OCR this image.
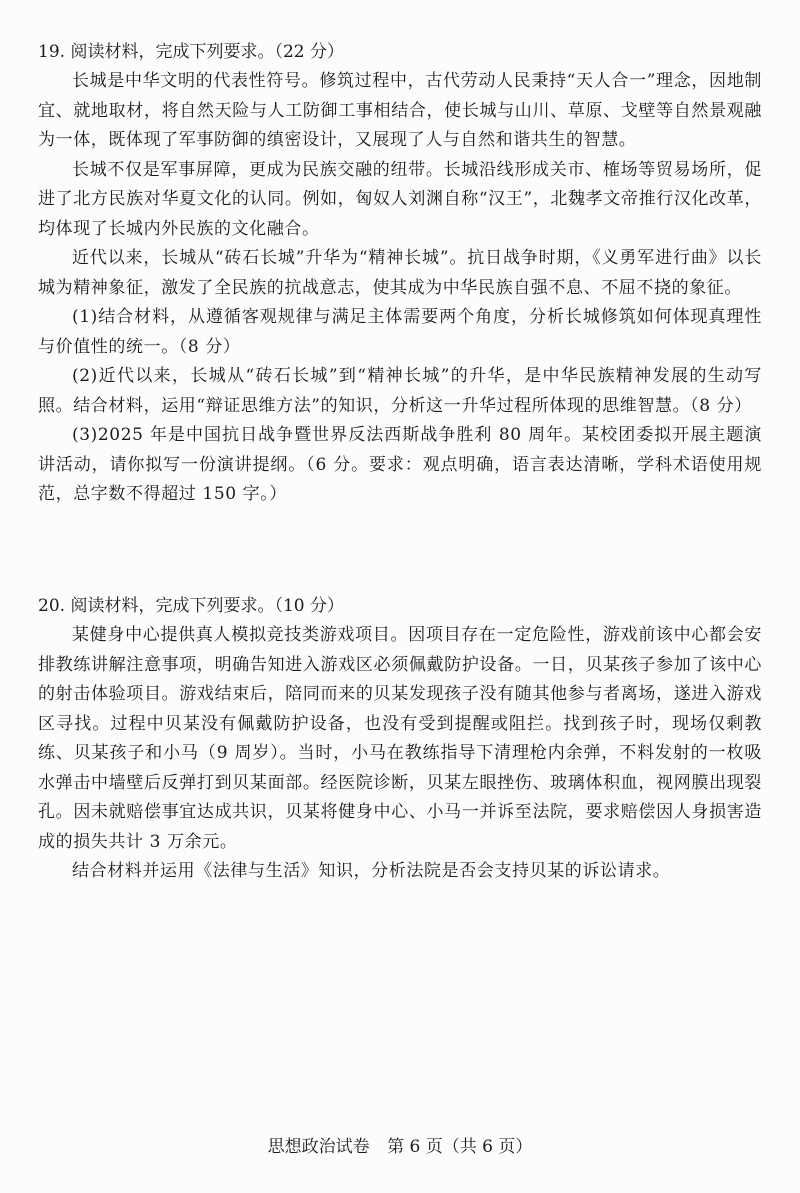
19. 阅读材料，完成下列要求。（22 分）

长城是中华文明的代表性符号。修筑过程中，古代劳动人民秉持“天人合一”理念，因地制宜、就地取材，将自然天险与人工防御工事相结合，使长城与山川、草原、戈壁等自然景观融为一体，既体现了军事防御的缜密设计，又展现了人与自然和谐共生的智慧。

长城不仅是军事屏障，更成为民族交融的纽带。长城沿线形成关市、榷场等贸易场所，促进了北方民族对华夏文化的认同。例如，匈奴人刘渊自称“汉王”，北魏孝文帝推行汉化改革，均体现了长城内外民族的文化融合。

近代以来，长城从“砖石长城”升华为“精神长城”。抗日战争时期，《义勇军进行曲》以长城为精神象征，激发了全民族的抗战意志，使其成为中华民族自强不息、不屈不挠的象征。

(1)结合材料，从遵循客观规律与满足主体需要两个角度，分析长城修筑如何体现真理性与价值性的统一。（8 分）

(2)近代以来，长城从“砖石长城”到“精神长城”的升华，是中华民族精神发展的生动写照。结合材料，运用“辩证思维方法”的知识，分析这一升华过程所体现的思维智慧。（8 分）

(3)2025 年是中国抗日战争暨世界反法西斯战争胜利 80 周年。某校团委拟开展主题演讲活动，请你拟写一份演讲提纲。（6 分。要求：观点明确，语言表达清晰，学科术语使用规范，总字数不得超过 150 字。）

20. 阅读材料，完成下列要求。（10 分）

某健身中心提供真人模拟竞技类游戏项目。因项目存在一定危险性，游戏前该中心都会安排教练讲解注意事项，明确告知进入游戏区必须佩戴防护设备。一日，贝某孩子参加了该中心的射击体验项目。游戏结束后，陪同而来的贝某发现孩子没有随其他参与者离场，遂进入游戏区寻找。过程中贝某没有佩戴防护设备，也没有受到提醒或阻拦。找到孩子时，现场仅剩教练、贝某孩子和小马（9 周岁）。当时，小马在教练指导下清理枪内余弹，不料发射的一枚吸水弹击中墙壁后反弹打到贝某面部。经医院诊断，贝某左眼挫伤、玻璃体积血，视网膜出现裂孔。因未就赔偿事宜达成共识，贝某将健身中心、小马一并诉至法院，要求赔偿因人身损害造成的损失共计 3 万余元。

结合材料并运用《法律与生活》知识，分析法院是否会支持贝某的诉讼请求。

思想政治试卷 第 6 页（共 6 页）
